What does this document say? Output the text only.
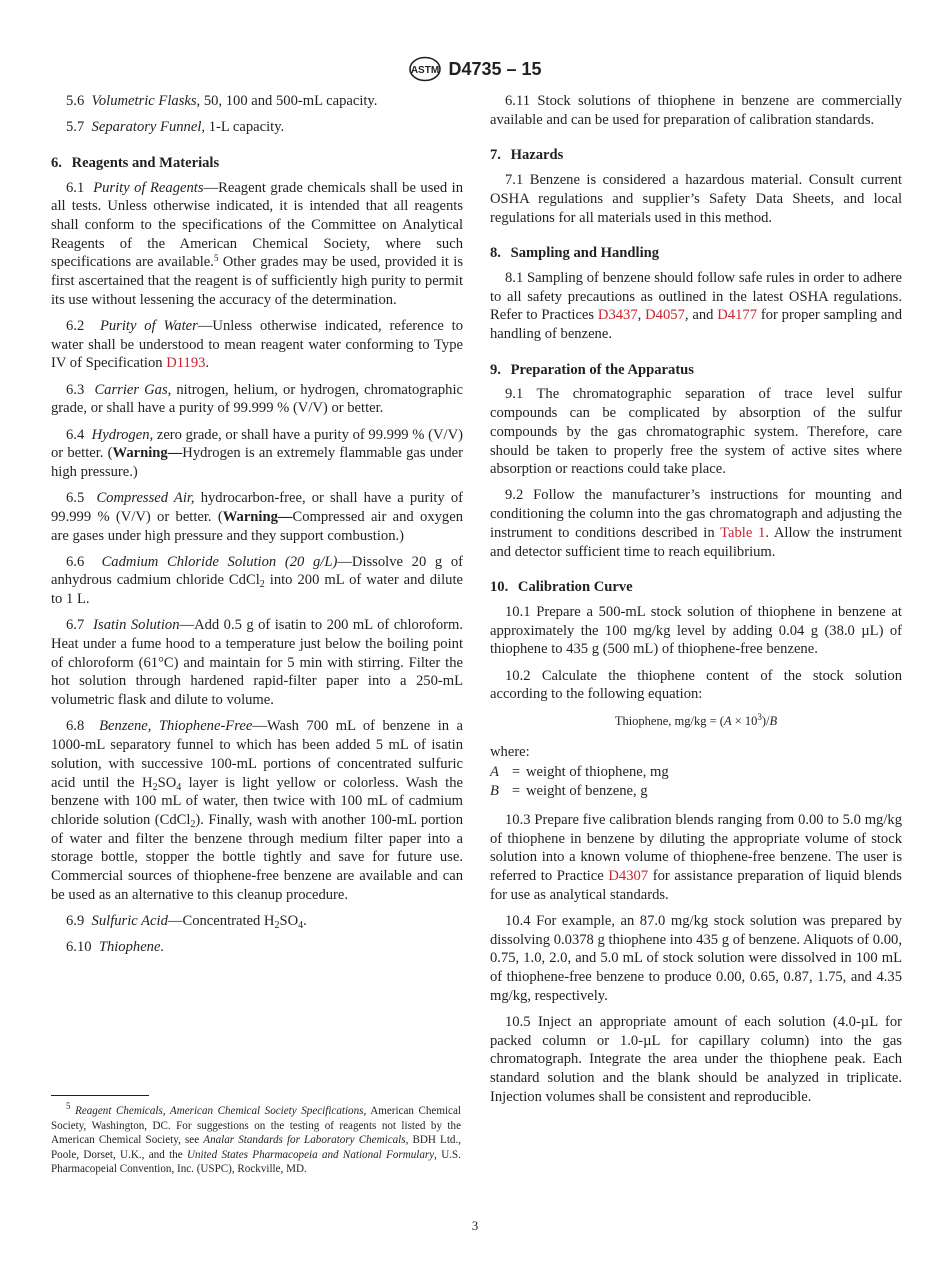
ASTM D4735 – 15

5.6 Volumetric Flasks, 50, 100 and 500-mL capacity.

5.7 Separatory Funnel, 1-L capacity.

6. Reagents and Materials

6.1 Purity of Reagents—Reagent grade chemicals shall be used in all tests. Unless otherwise indicated, it is intended that all reagents shall conform to the specifications of the Committee on Analytical Reagents of the American Chemical Society, where such specifications are available.$^5$ Other grades may be used, provided it is first ascertained that the reagent is of sufficiently high purity to permit its use without lessening the accuracy of the determination.

6.2 Purity of Water—Unless otherwise indicated, reference to water shall be understood to mean reagent water conforming to Type IV of Specification D1193.

6.3 Carrier Gas, nitrogen, helium, or hydrogen, chromatographic grade, or shall have a purity of 99.999 % (V/V) or better.

6.4 Hydrogen, zero grade, or shall have a purity of 99.999 % (V/V) or better. (Warning—Hydrogen is an extremely flammable gas under high pressure.)

6.5 Compressed Air, hydrocarbon-free, or shall have a purity of 99.999 % (V/V) or better. (Warning—Compressed air and oxygen are gases under high pressure and they support combustion.)

6.6 Cadmium Chloride Solution (20 g/L)—Dissolve 20 g of anhydrous cadmium chloride CdCl$_2$ into 200 mL of water and dilute to 1 L.

6.7 Isatin Solution—Add 0.5 g of isatin to 200 mL of chloroform. Heat under a fume hood to a temperature just below the boiling point of chloroform (61°C) and maintain for 5 min with stirring. Filter the hot solution through hardened rapid-filter paper into a 250-mL volumetric flask and dilute to volume.

6.8 Benzene, Thiophene-Free—Wash 700 mL of benzene in a 1000-mL separatory funnel to which has been added 5 mL of isatin solution, with successive 100-mL portions of concentrated sulfuric acid until the $H_2SO_4$ layer is light yellow or colorless. Wash the benzene with 100 mL of water, then twice with 100 mL of cadmium chloride solution (CdCl$_2$). Finally, wash with another 100-mL portion of water and filter the benzene through medium filter paper into a storage bottle, stopper the bottle tightly and save for future use. Commercial sources of thiophene-free benzene are available and can be used as an alternative to this cleanup procedure.

6.9 Sulfuric Acid—Concentrated $H_2SO_4$.

6.10 Thiophene.

$^5$ Reagent Chemicals, American Chemical Society Specifications, American Chemical Society, Washington, DC. For suggestions on the testing of reagents not listed by the American Chemical Society, see Analar Standards for Laboratory Chemicals, BDH Ltd., Poole, Dorset, U.K., and the United States Pharmacopeia and National Formulary, U.S. Pharmacopeial Convention, Inc. (USPC), Rockville, MD.

6.11 Stock solutions of thiophene in benzene are commercially available and can be used for preparation of calibration standards.

7. Hazards

7.1 Benzene is considered a hazardous material. Consult current OSHA regulations and supplier’s Safety Data Sheets, and local regulations for all materials used in this method.

8. Sampling and Handling

8.1 Sampling of benzene should follow safe rules in order to adhere to all safety precautions as outlined in the latest OSHA regulations. Refer to Practices D3437, D4057, and D4177 for proper sampling and handling of benzene.

9. Preparation of the Apparatus

9.1 The chromatographic separation of trace level sulfur compounds can be complicated by absorption of the sulfur compounds by the gas chromatographic system. Therefore, care should be taken to properly free the system of active sites where absorption or reactions could take place.

9.2 Follow the manufacturer’s instructions for mounting and conditioning the column into the gas chromatograph and adjusting the instrument to conditions described in Table 1. Allow the instrument and detector sufficient time to reach equilibrium.

10. Calibration Curve

10.1 Prepare a 500-mL stock solution of thiophene in benzene at approximately the 100 mg/kg level by adding 0.04 g (38.0 µL) of thiophene to 435 g (500 mL) of thiophene-free benzene.

10.2 Calculate the thiophene content of the stock solution according to the following equation:

Thiophene, $mg/kg = (A \times 10^3)/B$

where:

A = weight of thiophene, mg
B = weight of benzene, g

10.3 Prepare five calibration blends ranging from 0.00 to 5.0 mg/kg of thiophene in benzene by diluting the appropriate volume of stock solution into a known volume of thiophene-free benzene. The user is referred to Practice D4307 for assistance preparation of liquid blends for use as analytical standards.

10.4 For example, an 87.0 mg/kg stock solution was prepared by dissolving 0.0378 g thiophene into 435 g of benzene. Aliquots of 0.00, 0.75, 1.0, 2.0, and 5.0 mL of stock solution were dissolved in 100 mL of thiophene-free benzene to produce 0.00, 0.65, 0.87, 1.75, and 4.35 mg/kg, respectively.

10.5 Inject an appropriate amount of each solution (4.0-µL for packed column or 1.0-µL for capillary column) into the gas chromatograph. Integrate the area under the thiophene peak. Each standard solution and the blank should be analyzed in triplicate. Injection volumes shall be consistent and reproducible.

3
